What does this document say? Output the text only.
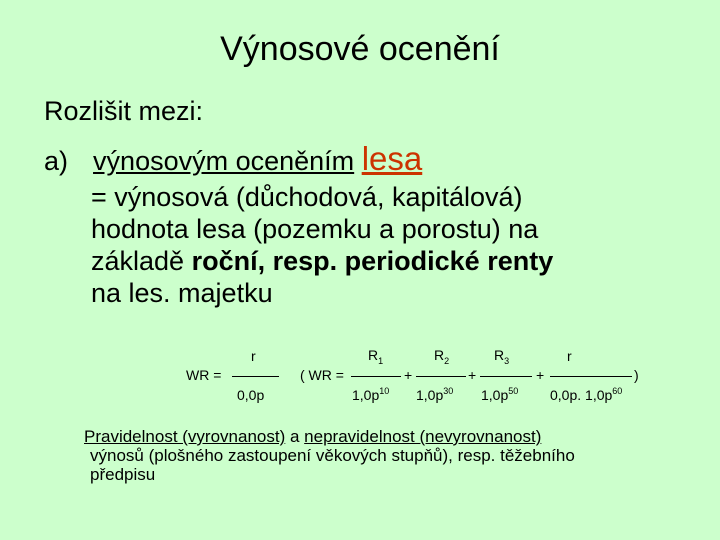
Výnosové ocenění
Rozlišit mezi:
a) výnosovým oceněním lesa
= výnosová (důchodová, kapitálová)
hodnota lesa (pozemku a porostu) na
základě roční, resp. periodické renty
na les. majetku
WR =
r
0,0p
( WR =
$R_1$
$1,0p^{10}$
+
$R_2$
$1,0p^{30}$
+
$R_3$
$1,0p^{50}$
+
r
0,0p. $1,0p^{60}$
)
Pravidelnost (vyrovnanost) a nepravidelnost (nevyrovnanost)
výnosů (plošného zastoupení věkových stupňů), resp. těžebního
předpisu
